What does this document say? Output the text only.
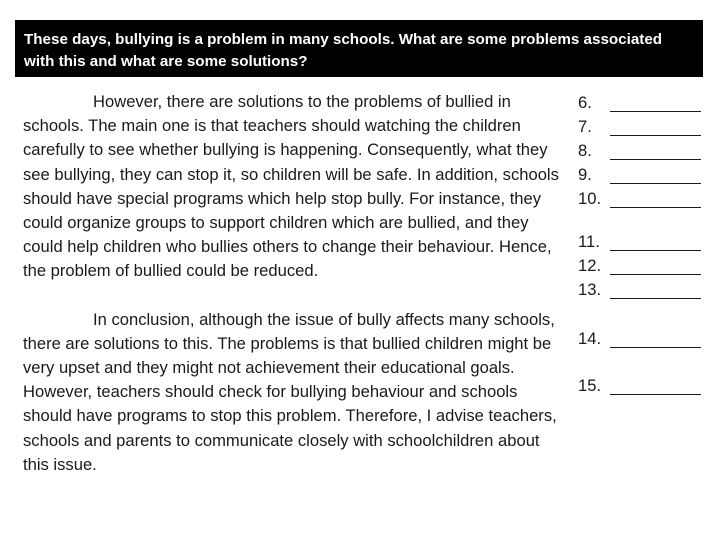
These days, bullying is a problem in many schools. What are some problems associated with this and what are some solutions?

However, there are solutions to the problems of bullied in schools. The main one is that teachers should watching the children carefully to see whether bullying is happening. Consequently, what they see bullying, they can stop it, so children will be safe. In addition, schools should have special programs which help stop bully. For instance, they could organize groups to support children which are bullied, and they could help children who bullies others to change their behaviour. Hence, the problem of bullied could be reduced.

In conclusion, although the issue of bully affects many schools, there are solutions to this. The problems is that bullied children might be very upset and they might not achievement their educational goals. However, teachers should check for bullying behaviour and schools should have programs to stop this problem. Therefore, I advise teachers, schools and parents to communicate closely with schoolchildren about this issue.

6.
7.
8.
9.
10.
11.
12.
13.
14.
15.
